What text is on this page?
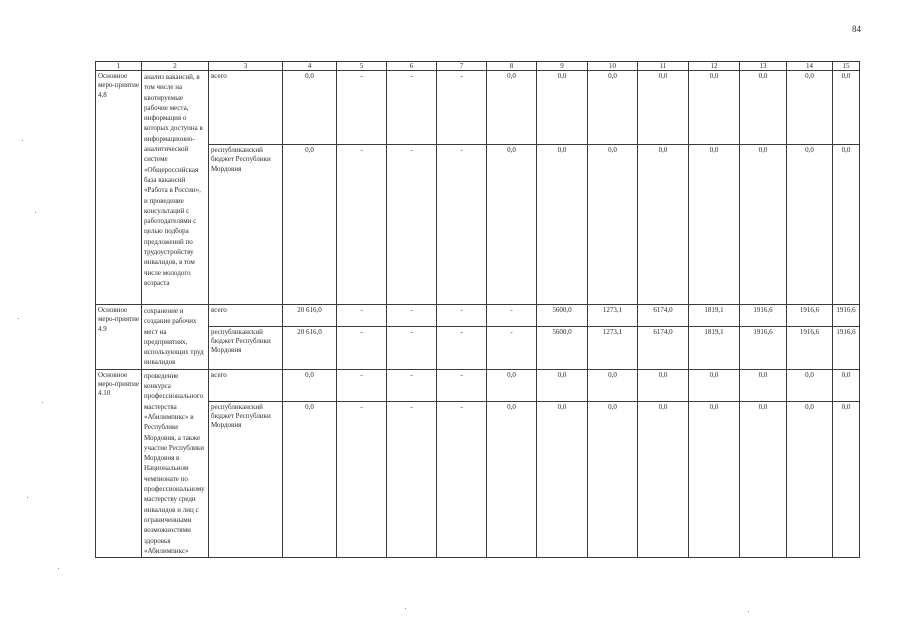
84
1	2	3	4	5	6	7	8	9	10	11	12	13	14	15
Основное меро-приятие 4.8	анализ вакансий, в том числе на квотируемые рабочие места, информация о которых доступна в информационно-аналитической системе «Общероссийская база вакансий «Работа в России», и проведение консультаций с работодателями с целью подбора предложений по трудоустройству инвалидов, в том числе молодого возраста	всего	0,0	-	-	-	0,0	0,0	0,0	0,0	0,0	0,0	0,0	0,0
		республиканский бюджет Республики Мордовия	0,0	-	-	-	0,0	0,0	0,0	0,0	0,0	0,0	0,0	0,0
Основное меро-приятие 4.9	сохранение и создание рабочих мест на предприятиях, использующих труд инвалидов	всего	20 616,0	-	-	-	-	5600,0	1273,1	6174,0	1819,1	1916,6	1916,6	1916,6
		республиканский бюджет Республики Мордовия	20 616,0	-	-	-	-	5600,0	1273,1	6174,0	1819,1	1916,6	1916,6	1916,6
Основное меро-приятие 4.10	проведение конкурса профессионального мастерства «Абилимпикс» в Республике Мордовия, а также участие Республики Мордовия в Национальном чемпионате по профессиональному мастерству среди инвалидов и лиц с ограниченными возможностями здоровья «Абилимпикс»	всего	0,0	-	-	-	0,0	0,0	0,0	0,0	0,0	0,0	0,0	0,0
		республиканский бюджет Республики Мордовия	0,0	-	-	-	0,0	0,0	0,0	0,0	0,0	0,0	0,0	0,0
